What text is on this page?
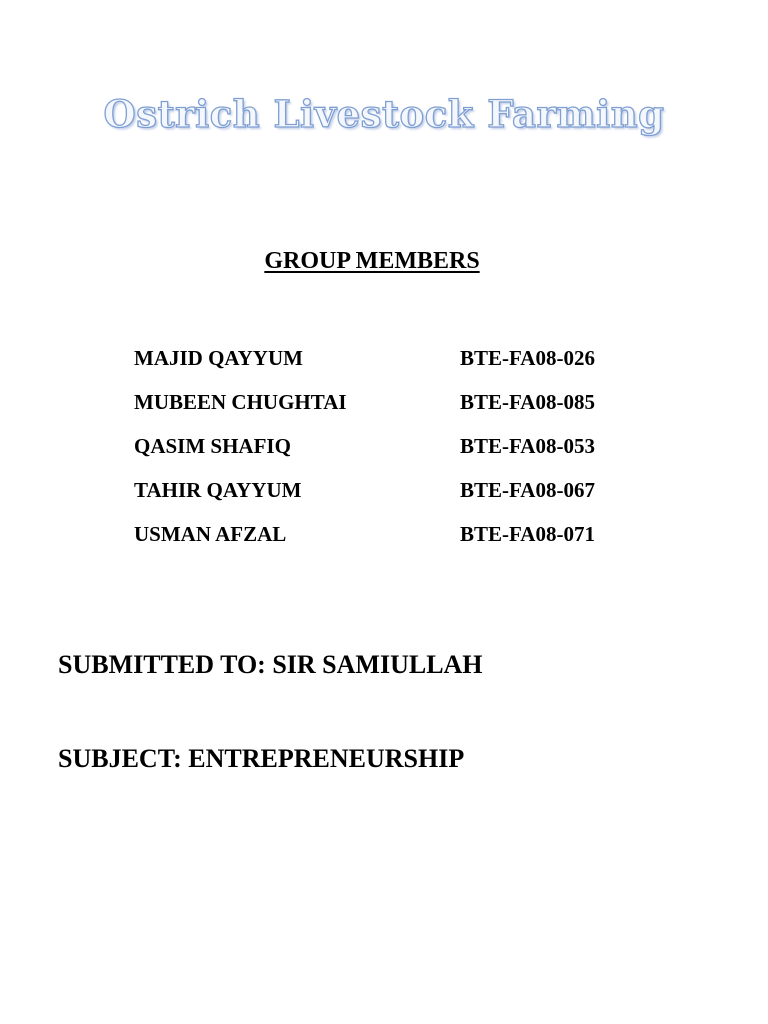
Ostrich Livestock Farming
GROUP MEMBERS
MAJID QAYYUM	BTE-FA08-026
MUBEEN CHUGHTAI	BTE-FA08-085
QASIM SHAFIQ	BTE-FA08-053
TAHIR QAYYUM	BTE-FA08-067
USMAN AFZAL	BTE-FA08-071
SUBMITTED TO: SIR SAMIULLAH
SUBJECT: ENTREPRENEURSHIP
